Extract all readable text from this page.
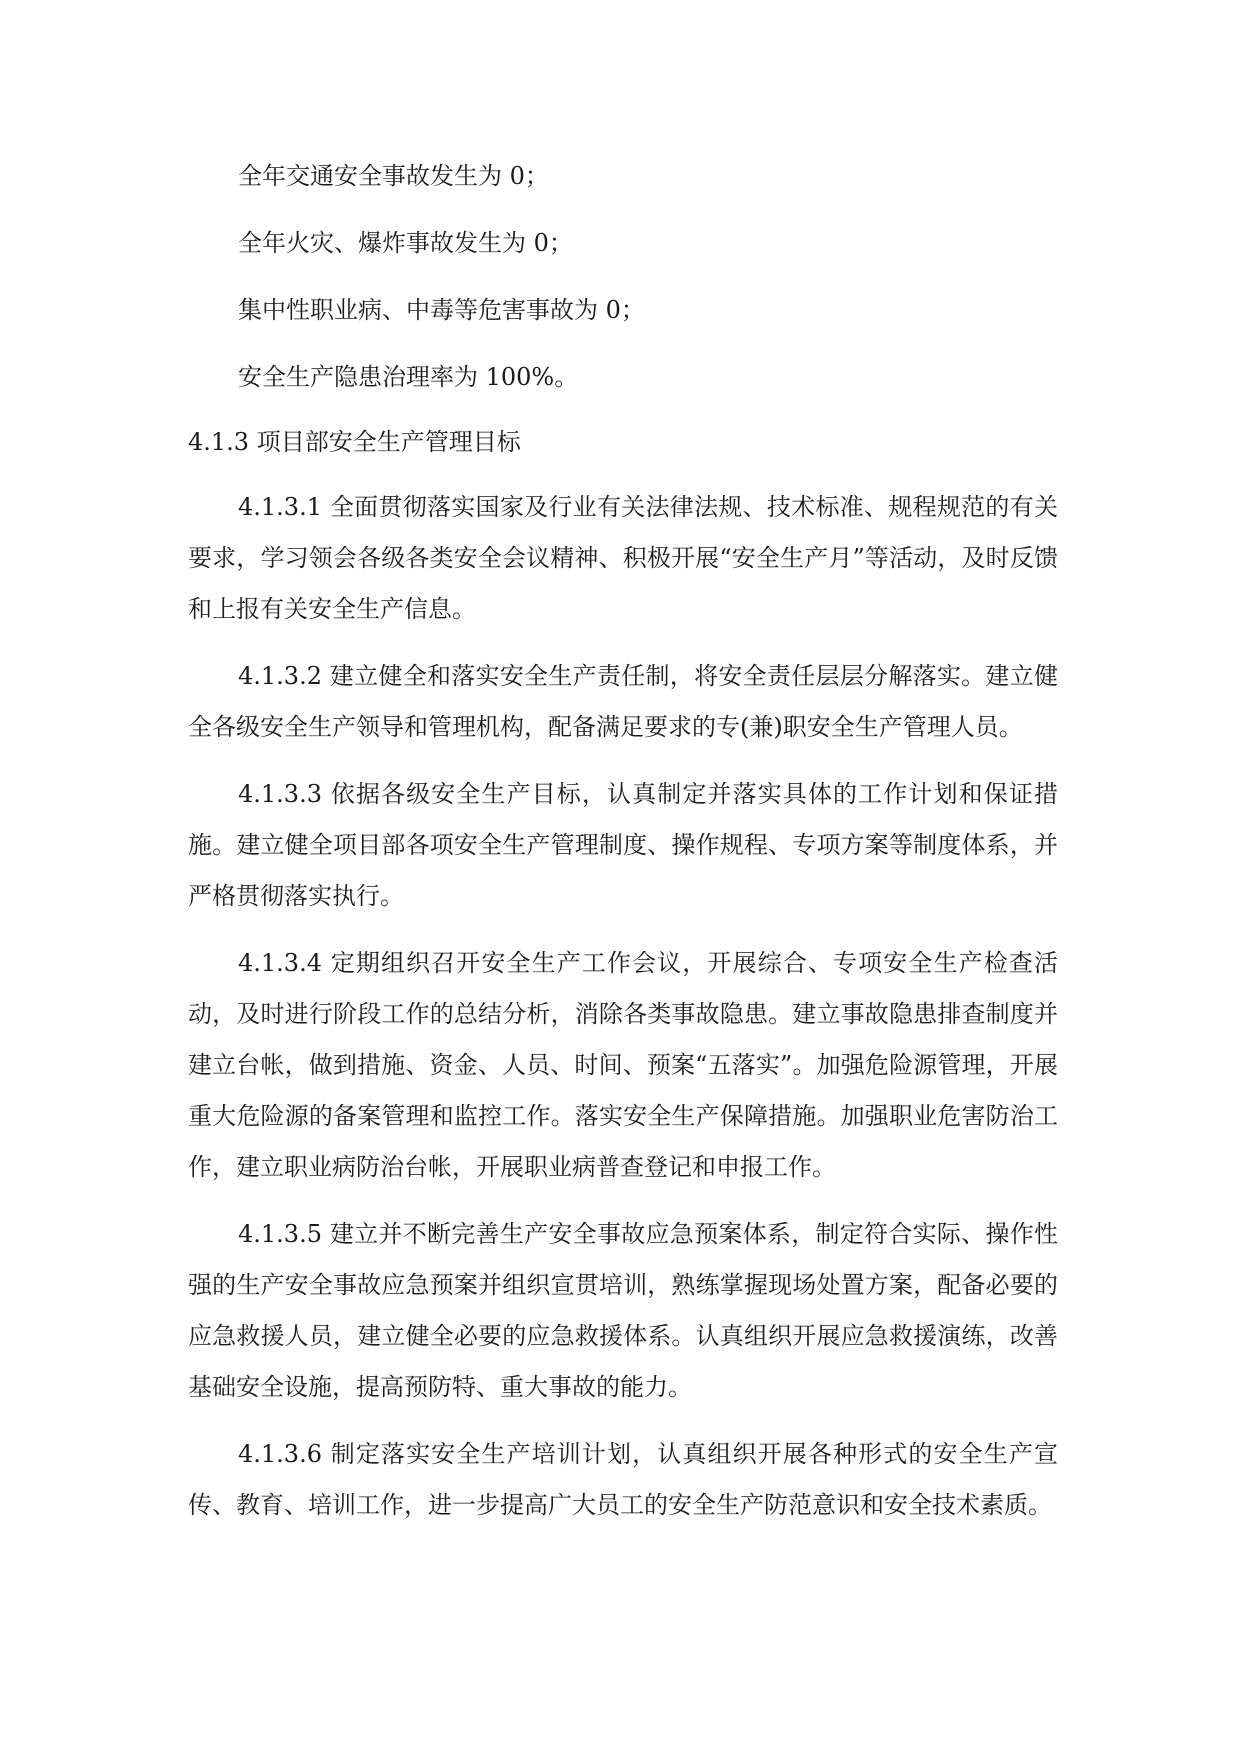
全年交通安全事故发生为 0；

全年火灾、爆炸事故发生为 0；

集中性职业病、中毒等危害事故为 0；

安全生产隐患治理率为 100%。

4.1.3 项目部安全生产管理目标

4.1.3.1 全面贯彻落实国家及行业有关法律法规、技术标准、规程规范的有关要求，学习领会各级各类安全会议精神、积极开展“安全生产月”等活动，及时反馈和上报有关安全生产信息。

4.1.3.2 建立健全和落实安全生产责任制，将安全责任层层分解落实。建立健全各级安全生产领导和管理机构，配备满足要求的专(兼)职安全生产管理人员。

4.1.3.3 依据各级安全生产目标，认真制定并落实具体的工作计划和保证措施。建立健全项目部各项安全生产管理制度、操作规程、专项方案等制度体系，并严格贯彻落实执行。

4.1.3.4 定期组织召开安全生产工作会议，开展综合、专项安全生产检查活动，及时进行阶段工作的总结分析，消除各类事故隐患。建立事故隐患排查制度并建立台帐，做到措施、资金、人员、时间、预案“五落实”。加强危险源管理，开展重大危险源的备案管理和监控工作。落实安全生产保障措施。加强职业危害防治工作，建立职业病防治台帐，开展职业病普查登记和申报工作。

4.1.3.5 建立并不断完善生产安全事故应急预案体系，制定符合实际、操作性强的生产安全事故应急预案并组织宣贯培训，熟练掌握现场处置方案，配备必要的应急救援人员，建立健全必要的应急救援体系。认真组织开展应急救援演练，改善基础安全设施，提高预防特、重大事故的能力。

4.1.3.6 制定落实安全生产培训计划，认真组织开展各种形式的安全生产宣传、教育、培训工作，进一步提高广大员工的安全生产防范意识和安全技术素质。
